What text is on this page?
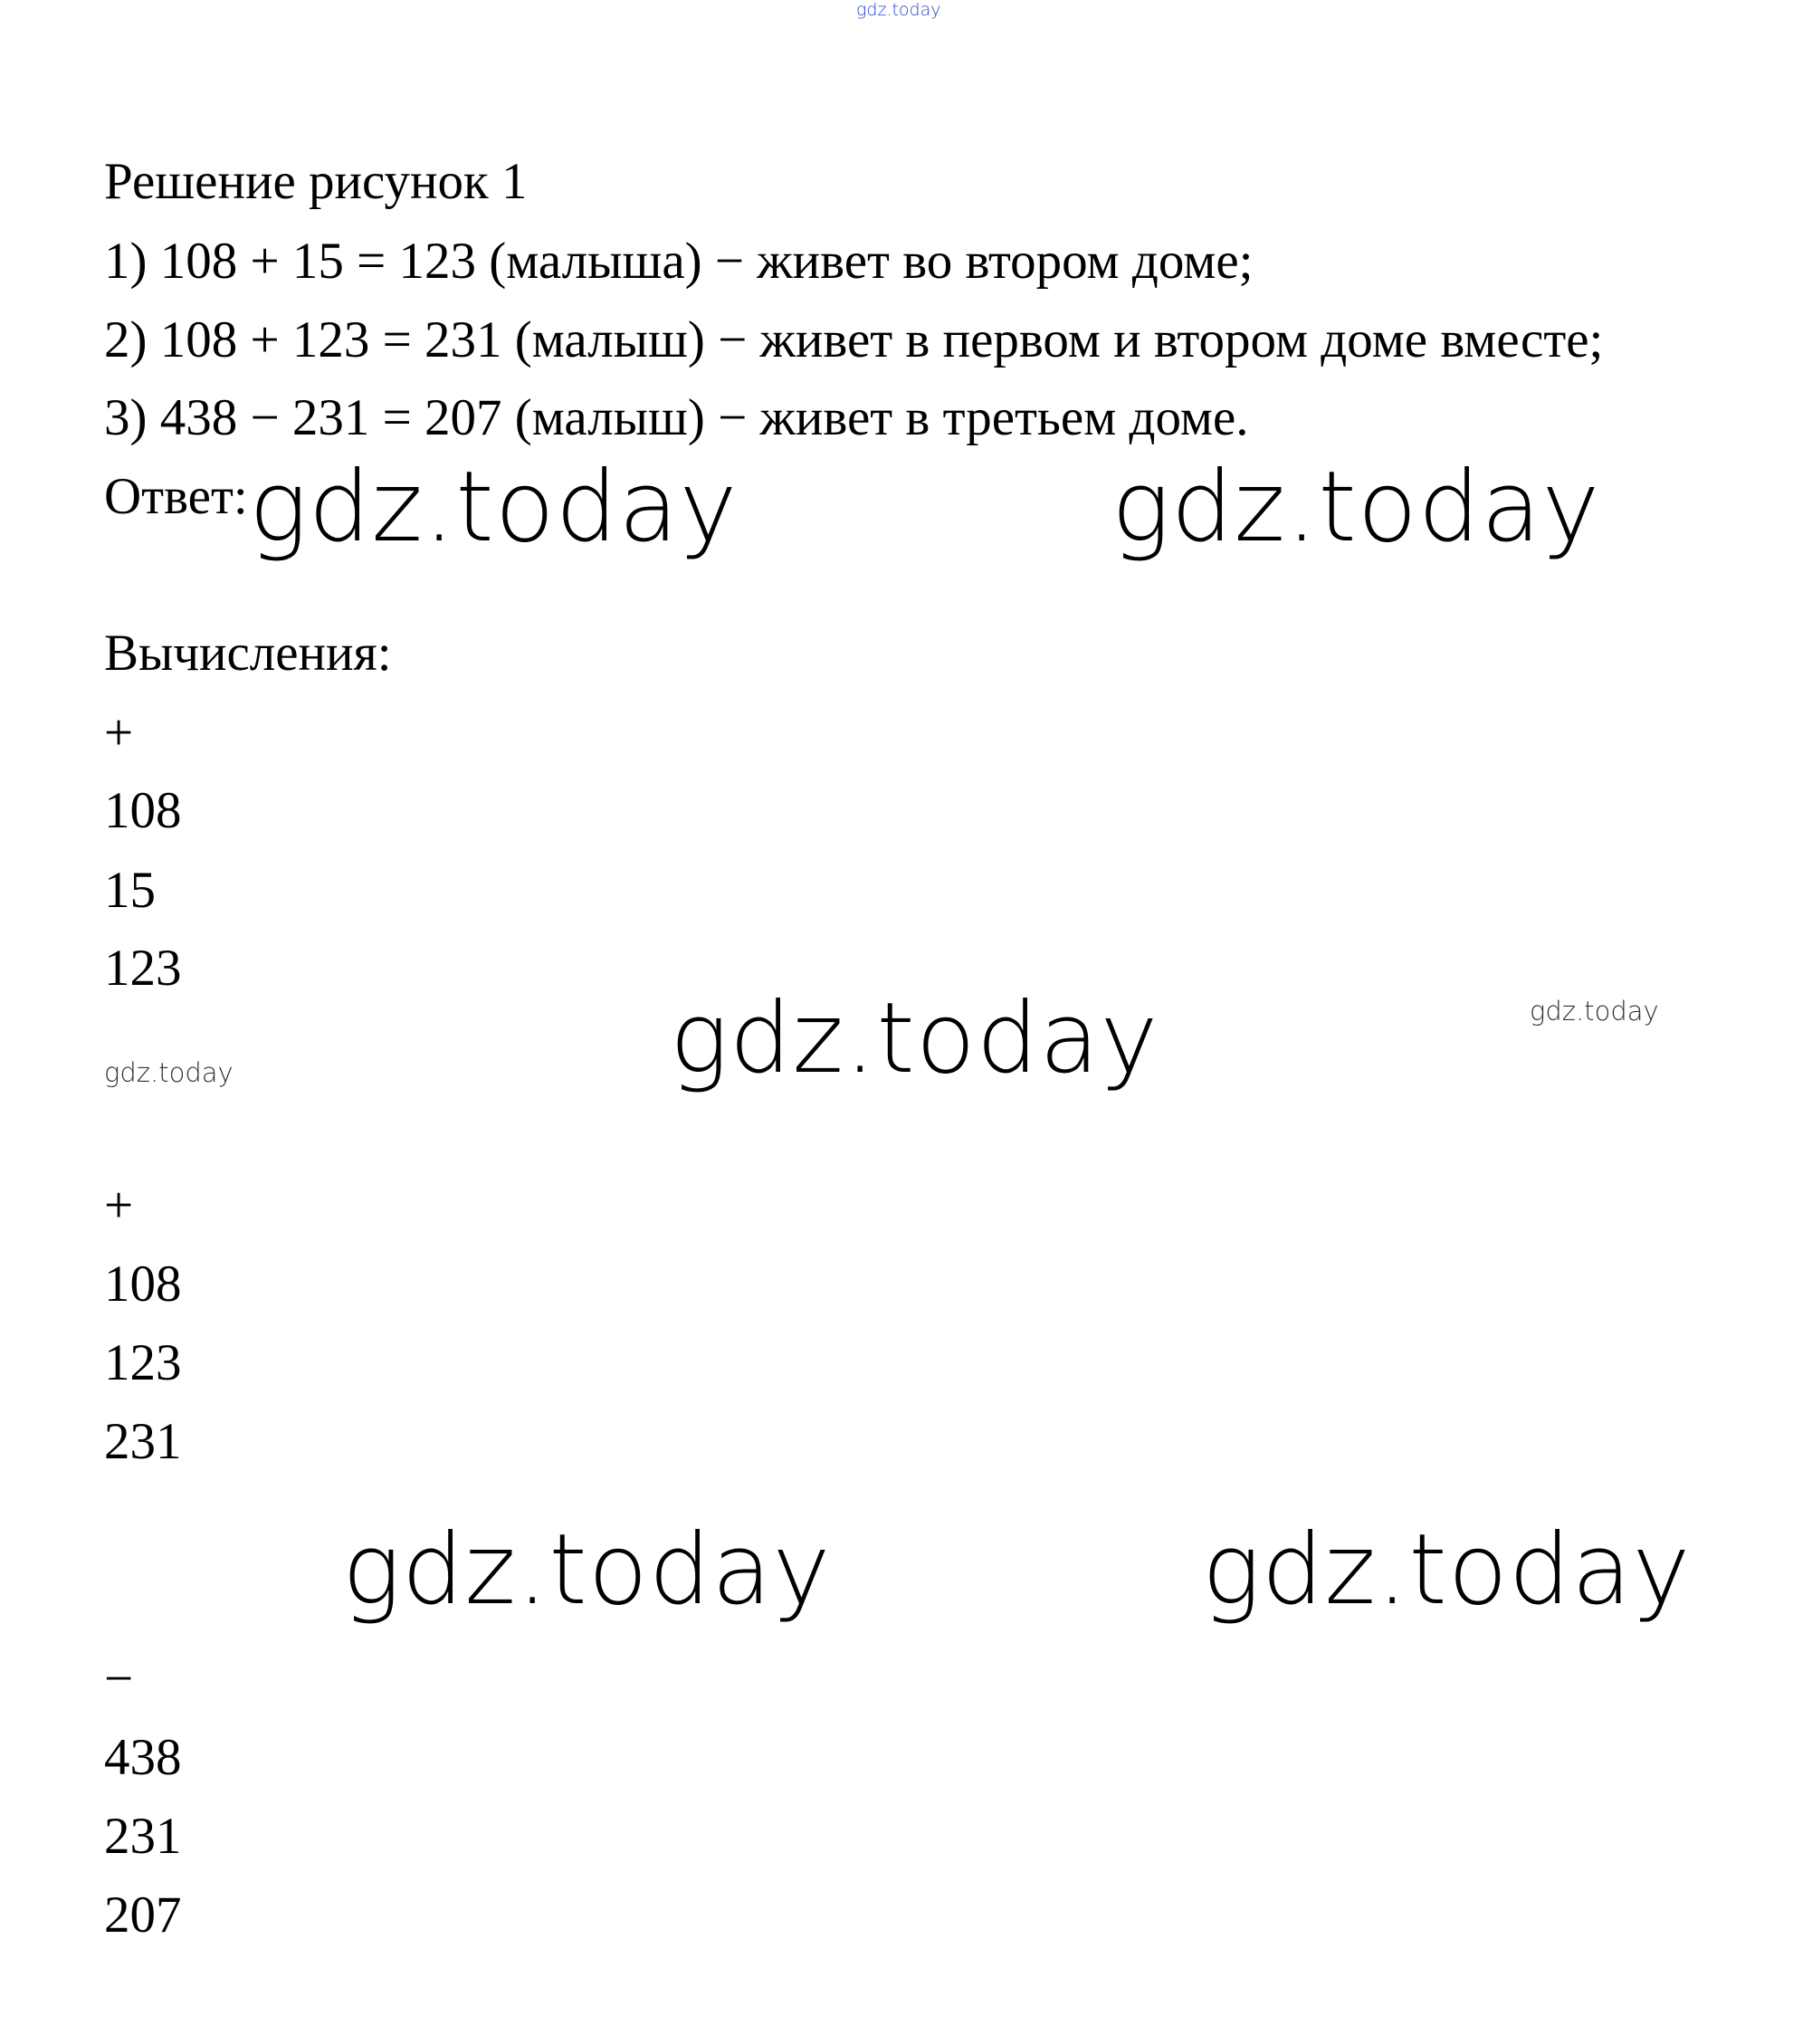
gdz.today
Решение рисунок 1
1) 108 + 15 = 123 (малыша) − живет во втором доме;
2) 108 + 123 = 231 (малыш) − живет в первом и втором доме вместе;
3) 438 − 231 = 207 (малыш) − живет в третьем доме.
Ответ:
Вычисления:
+
108
15
123
+
108
123
231
−
438
231
207
gdz.today	gdz.today
gdz.today
gdz.today	gdz.today
gdz.today
gdz.today
